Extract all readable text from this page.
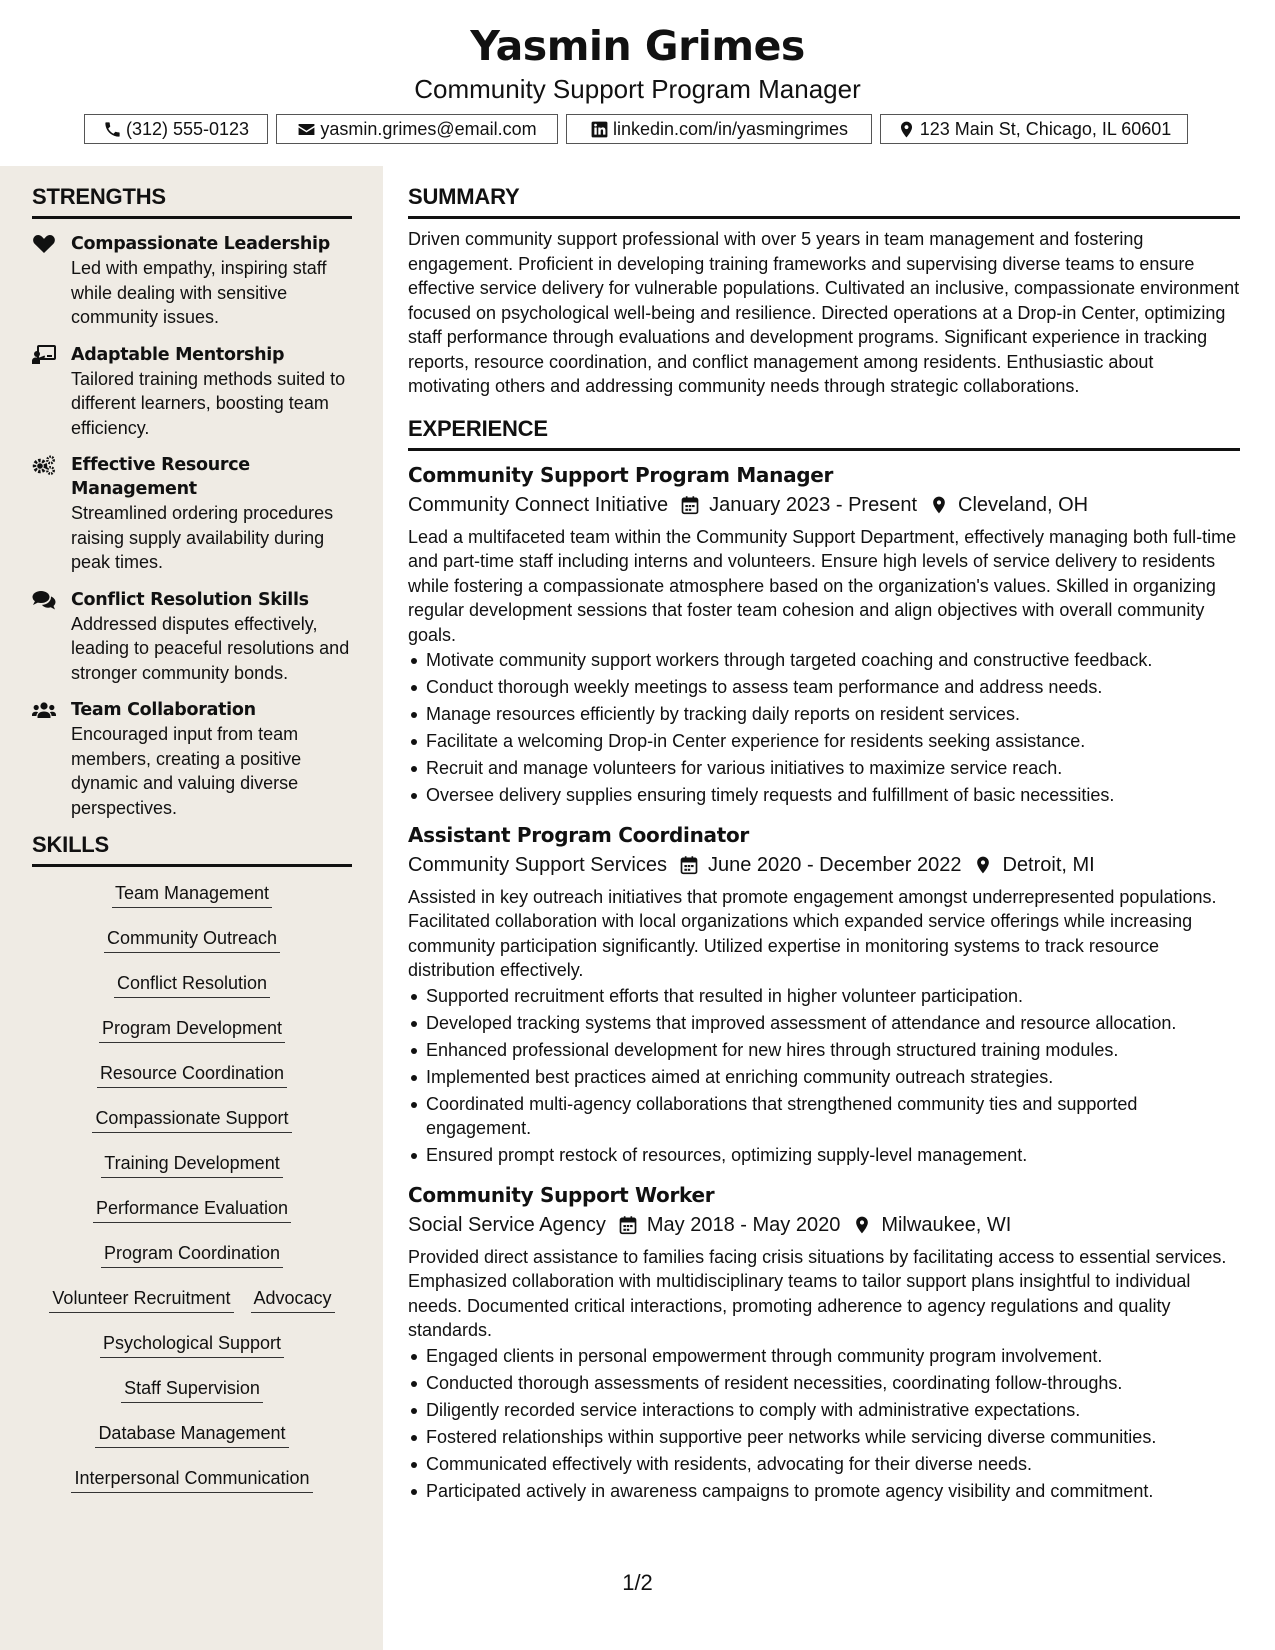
Yasmin Grimes
Community Support Program Manager
(312) 555-0123	yasmin.grimes@email.com	linkedin.com/in/yasmingrimes	123 Main St, Chicago, IL 60601
STRENGTHS
Compassionate Leadership
Led with empathy, inspiring staff while dealing with sensitive community issues.
Adaptable Mentorship
Tailored training methods suited to different learners, boosting team efficiency.
Effective Resource Management
Streamlined ordering procedures raising supply availability during peak times.
Conflict Resolution Skills
Addressed disputes effectively, leading to peaceful resolutions and stronger community bonds.
Team Collaboration
Encouraged input from team members, creating a positive dynamic and valuing diverse perspectives.
SKILLS
Team Management
Community Outreach
Conflict Resolution
Program Development
Resource Coordination
Compassionate Support
Training Development
Performance Evaluation
Program Coordination
Volunteer Recruitment Advocacy
Psychological Support
Staff Supervision
Database Management
Interpersonal Communication
SUMMARY
Driven community support professional with over 5 years in team management and fostering engagement. Proficient in developing training frameworks and supervising diverse teams to ensure effective service delivery for vulnerable populations. Cultivated an inclusive, compassionate environment focused on psychological well-being and resilience. Directed operations at a Drop-in Center, optimizing staff performance through evaluations and development programs. Significant experience in tracking reports, resource coordination, and conflict management among residents. Enthusiastic about motivating others and addressing community needs through strategic collaborations.
EXPERIENCE
Community Support Program Manager
Community Connect Initiative January 2023 - Present Cleveland, OH
Lead a multifaceted team within the Community Support Department, effectively managing both full-time and part-time staff including interns and volunteers. Ensure high levels of service delivery to residents while fostering a compassionate atmosphere based on the organization's values. Skilled in organizing regular development sessions that foster team cohesion and align objectives with overall community goals.
Motivate community support workers through targeted coaching and constructive feedback.
Conduct thorough weekly meetings to assess team performance and address needs.
Manage resources efficiently by tracking daily reports on resident services.
Facilitate a welcoming Drop-in Center experience for residents seeking assistance.
Recruit and manage volunteers for various initiatives to maximize service reach.
Oversee delivery supplies ensuring timely requests and fulfillment of basic necessities.
Assistant Program Coordinator
Community Support Services June 2020 - December 2022 Detroit, MI
Assisted in key outreach initiatives that promote engagement amongst underrepresented populations. Facilitated collaboration with local organizations which expanded service offerings while increasing community participation significantly. Utilized expertise in monitoring systems to track resource distribution effectively.
Supported recruitment efforts that resulted in higher volunteer participation.
Developed tracking systems that improved assessment of attendance and resource allocation.
Enhanced professional development for new hires through structured training modules.
Implemented best practices aimed at enriching community outreach strategies.
Coordinated multi-agency collaborations that strengthened community ties and supported engagement.
Ensured prompt restock of resources, optimizing supply-level management.
Community Support Worker
Social Service Agency May 2018 - May 2020 Milwaukee, WI
Provided direct assistance to families facing crisis situations by facilitating access to essential services. Emphasized collaboration with multidisciplinary teams to tailor support plans insightful to individual needs. Documented critical interactions, promoting adherence to agency regulations and quality standards.
Engaged clients in personal empowerment through community program involvement.
Conducted thorough assessments of resident necessities, coordinating follow-throughs.
Diligently recorded service interactions to comply with administrative expectations.
Fostered relationships within supportive peer networks while servicing diverse communities.
Communicated effectively with residents, advocating for their diverse needs.
Participated actively in awareness campaigns to promote agency visibility and commitment.
1/2
